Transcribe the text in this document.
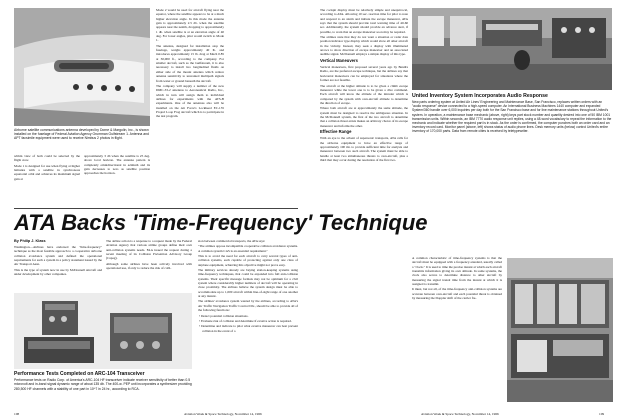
Airborne satellite communications antenna developed by Dorne & Margolin, Inc., is shown installed on the fuselage of Federal Aviation Agency Grumman Gulfstream 1. Antenna and APT facsimile equipment were used to receive Nimbus 2 photos in flight.

within view of both could be selected by the flight crew.

Mode 1 is designed for use when flying at higher latitudes with a satellite in synchronous equatorial orbit and achieves its maximum signal gain at

approximately 3 db when the satellite is 25 deg. above local horizon. The antenna pattern is completely omnidirectional in azimuth and its gain decreases to zero as satellite position approaches the horizon.

Mode 2 would be used for aircraft flying near the equator, where the satellite appears to be at a much higher elevation angle. In this mode the antenna gain is approximately 2.5 db. when the satellite appears near the zenith, dropping to approximately 1 db. when satellite is at an elevation angle of 40 deg. For lower angles, pilot would switch to Mode 1.

The antenna, designed for installation atop the fuselage, weighs approximately 40 lb. and introduces approximately 15 lb. drag at Mach 0.85 at 30,000 ft., according to the company. For smaller aircraft, such as the Gulfstream, it is also necessary to install two longitudinal fluids on either side of the mount antenna which reduce antenna sensitivity to unwanted multipath signals from water or ground beneath the aircraft.

The company will supply a number of the new DMC-33-2 antennas to Aeronautical Radio, Inc., which in turn will assign them to individual airlines for experiments with the ATS-B experiments. One of the antennas also will be installed on the Air Force's Lockheed EC-135 Project Loop Frog aircraft which is to participate in the test program.

ATA Backs 'Time-Frequency' Technique
By Philip J. Klass

Washington—Airlines have endorsed the "time-frequency" technique as the most feasible approach to a cooperative airborne collision avoidance system and defined the operational requirements for such a system in a policy statement issued by the Air Transport Assn.

This is the type of system now in use by McDonnell Aircraft and under development by other companies.

The airline action is a response to a request made by the Federal Aviation Agency that various airline groups define their own anti-collision systems needs. FAA issued the request during a recent meeting of its Collision Prevention Advisory Group (Capag).

Although some airlines have been actively involved with operational use, if only to reduce the risk of colli-

sion between commercial transports, the ATA says:

"The airlines oppose incompatible cooperative collision avoidance systems. A common system CAS is an essential requirement."

This is to avoid the need for each aircraft to carry several types of anti-collision systems, each capable of protecting against only one class of airplane equipment, achieving this objective might not prove easy.

The military services already are buying station-keeping systems using time-frequency techniques, that could be expanded into full anti-collision systems. Their specific message formats may not be optimum for a civil system where considerably higher numbers of aircraft will be operating in close proximity. The airlines believe the system design must be able to accommodate up to 1,000 aircraft within line-of-sight range of one another at any instant.

The airlines' avoidance system wanted by the airlines, according to ATA's Air Traffic Navigation Traffic Control Div., should be able to provide all of the following functions:

• Detect potential collision situations.

• Evaluate risk of collision and determine if evasive action is required.

• Determine and indicate to pilot what evasive maneuver can best prevent collision in the event of a

Performance Tests Completed on ARC-104 Transceiver
Performance tests on Radio Corp. of America's ARC-104 HF transceiver indicate receiver sensitivity of better than 0.5 microvolt and in-band signal dynamic range of about 135 db. The 400-w. PEP unit incorporates a synthesizer providing 280,500 HF channels with a stability of one part in 10^7 in 24 hr., according to RCA.
108	Aviation Week & Space Technology, November 14, 1966

The cockpit display must be relatively simple and unequivocal, according to ATA. Allowing 10 sec. reaction time for pilot to note and respond to an alarm and initiate the escape maneuver, ATA says that the system should provide total warning time of 40-60 sec. Additionally, the system should provide an advance alert, if possible, to warn that an escape maneuver soon may be required.

The airlines state that they do not want a situation or radar data position indicator type display which would show all other aircraft in the vicinity. Instead, they seek a display with illuminated arrows to show direction of escape maneuver and an associated audible signal. McDonnell employs a simple display of this type.

Vertical Maneuvers

Vertical maneuvers, first proposed several years ago by Bendix Radio, are the preferred escape technique, but the airlines say that horizontal maneuvers can be employed for situations where the former are not feasible.

The aircraft at the higher altitude is to be given a climb escape maneuver while the lower one is to be given a dive command. Each aircraft will know the altitude of the intruder which is compared by the system with own-aircraft altitude to determine the direction of escape.

Where both aircraft are at approximately the same altitude, the system must be designed to resolve the ambiguous situation. In the McDonnell system, the first of the two aircraft to determine that a collision threat exists makes an arbitrary choice of its escape maneuver and informs the other.

Effective Range

With an eye to the advent of supersonic transports, ATA calls for the airborne equipment to have an effective range of approximately 100 mi. to provide sufficient time for analysis and maneuver between two such aircraft. The system must be able to handle at least two simultaneous threats to own-aircraft, plus a third that may occur during the resolution of the first two.

A common characteristic of time-frequency systems is that the aircraft must be equipped with a frequency-standard, usually called a "clock." It is used to time the precise instant at which each aircraft transmits information giving its own altitude. In some systems, the clock also serves to determine distance to other aircraft by measuring the signal transit time from the instant at which it is assigned to transmit.

It must, but not all, of the time-frequency anti-collision systems are accurate between own-aircraft and each potential threat is obtained by measuring the Doppler shift of the carrier fre-

United Inventory System Incorporates Audio Response
New parts ordering system at United Air Lines' Engineering and Maintenance Base, San Francisco, replaces written orders with an "audio response" device connected to a high-speed computer. An International Business Machines 1440 computer and expanded System/360 handle over 6,000 inquiries per day both for the San Francisco base and for line maintenance stations throughout United's system. In operation, a maintenance base mechanic (above, right) keys part stock number and quantity desired into one of 50 IBM 1001 transmission units. Within seconds, an IBM 7770 audio response unit replies, using a 48-word vocabulary to repeat the information to the mechanic and indicate whether the required part is in stock. As the order is confirmed, the computer punches both an order card and an inventory record card. Monitor panel (above, left) shows status of audio phone lines. Desk memory units (below) control United's entire inventory of 170,000 parts. Data from remote cities is received by teletypewriter.
Aviation Week & Space Technology, November 14, 1966	109
